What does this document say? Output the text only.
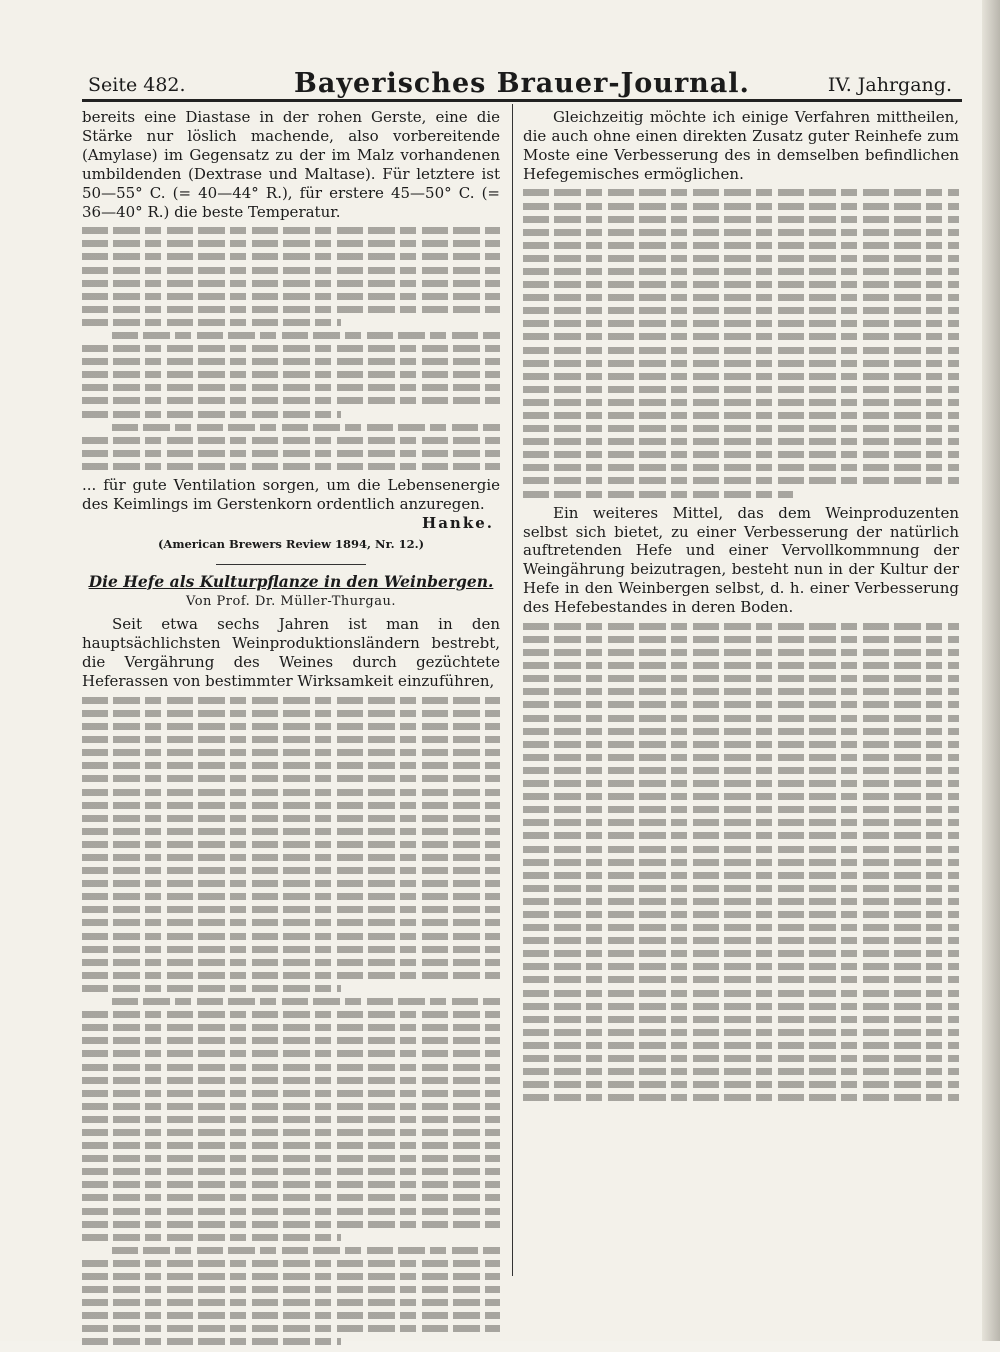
Seite 482.	Bayerisches Brauer-Journal.	IV. Jahrgang.

bereits eine Diastase in der rohen Gerste, eine die Stärke nur löslich machende, also vorbereitende (Amylase) im Gegensatz zu der im Malz vorhandenen umbildenden (Dextrase und Maltase). Für letztere ist 50—55° C. (= 40—44° R.), für erstere 45—50° C. (= 36—40° R.) die beste Temperatur.

... für gute Ventilation sorgen, um die Lebensenergie des Keimlings im Gerstenkorn ordentlich anzuregen.

Hanke.
(American Brewers Review 1894, Nr. 12.)
Die Hefe als Kulturpflanze in den Weinbergen.
Von Prof. Dr. Müller-Thurgau.

Seit etwa sechs Jahren ist man in den hauptsächlichsten Weinproduktionsländern bestrebt, die Vergährung des Weines durch gezüchtete Heferassen von bestimmter Wirksamkeit einzuführen,

Gleichzeitig möchte ich einige Verfahren mittheilen, die auch ohne einen direkten Zusatz guter Reinhefe zum Moste eine Verbesserung des in demselben befindlichen Hefegemisches ermöglichen.

Ein weiteres Mittel, das dem Weinproduzenten selbst sich bietet, zu einer Verbesserung der natürlich auftretenden Hefe und einer Vervollkommnung der Weingährung beizutragen, besteht nun in der Kultur der Hefe in den Weinbergen selbst, d. h. einer Verbesserung des Hefebestandes in deren Boden.
